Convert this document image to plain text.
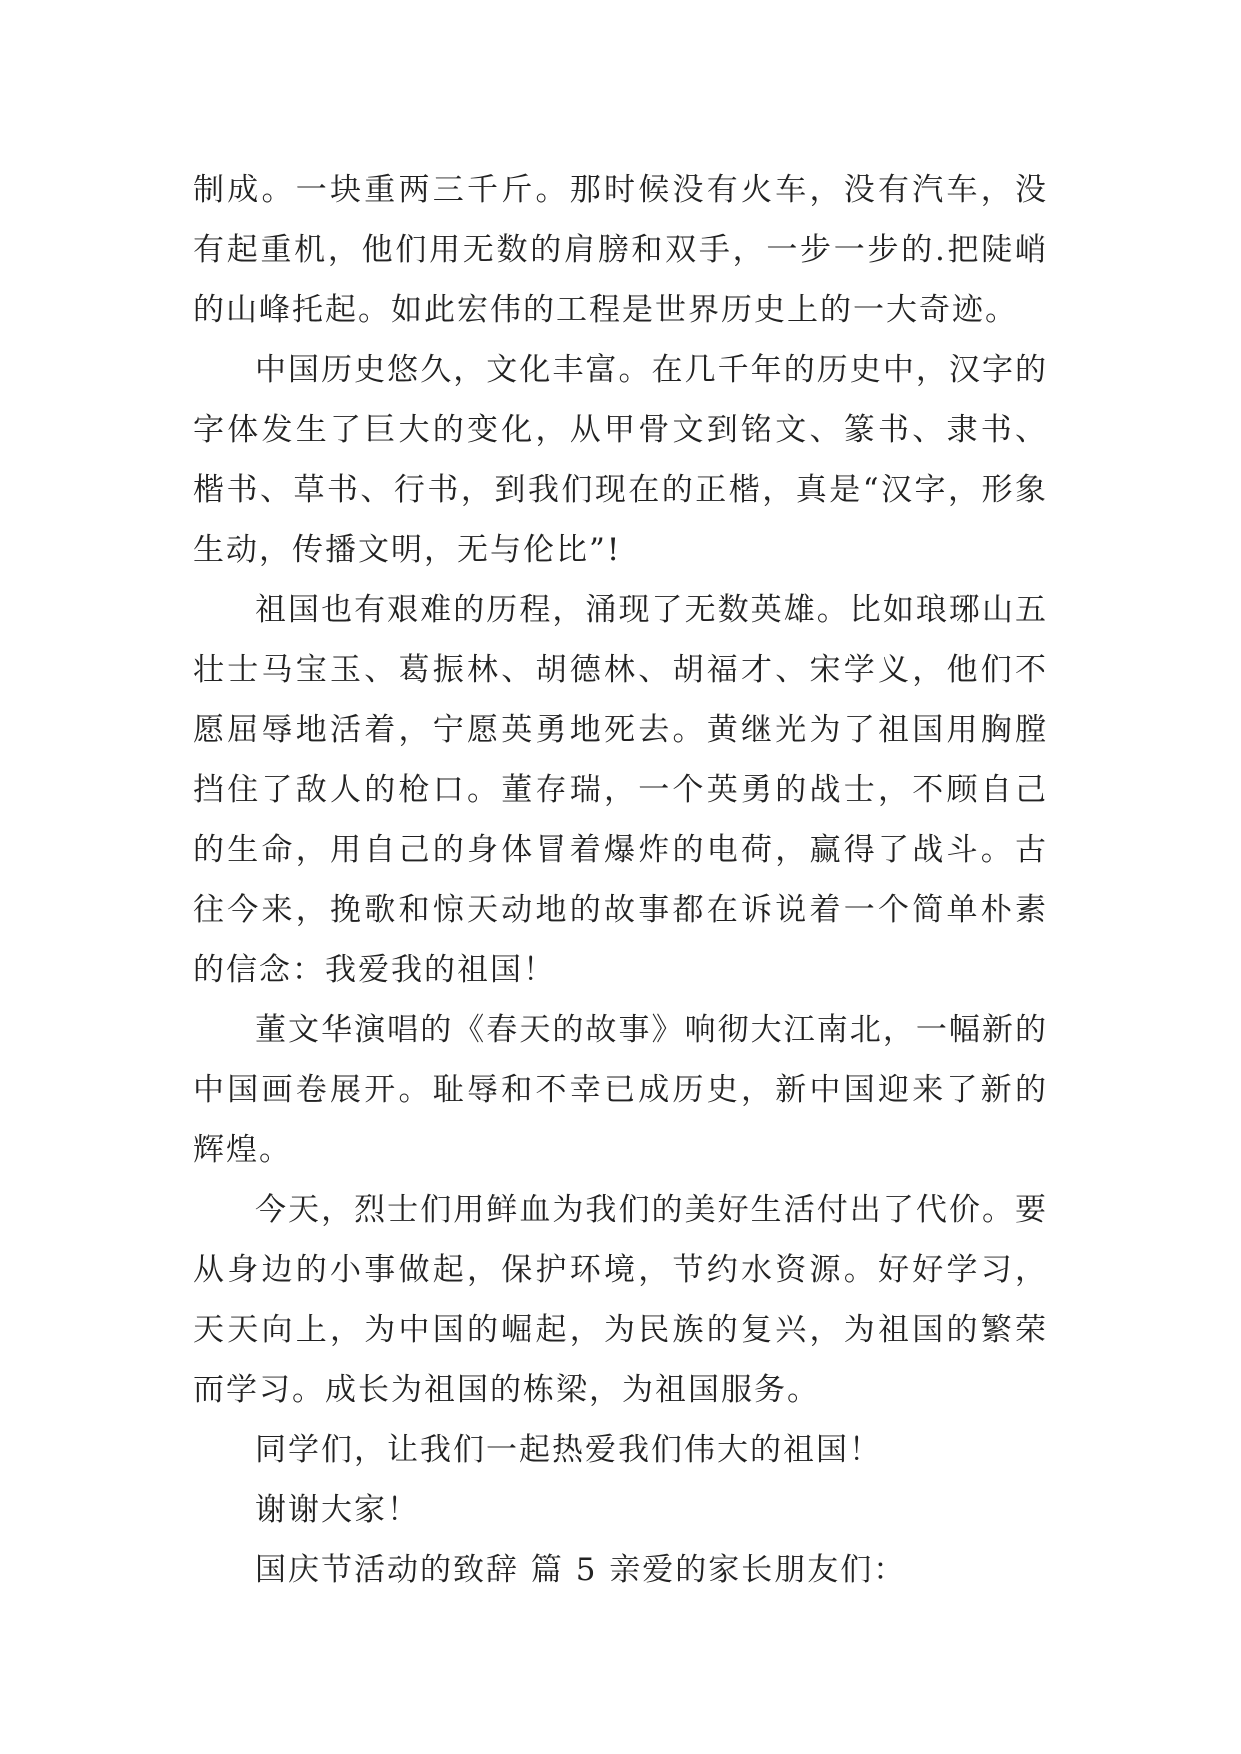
制成。一块重两三千斤。那时候没有火车，没有汽车，没有起重机，他们用无数的肩膀和双手，一步一步的.把陡峭的山峰托起。如此宏伟的工程是世界历史上的一大奇迹。

中国历史悠久，文化丰富。在几千年的历史中，汉字的字体发生了巨大的变化，从甲骨文到铭文、篆书、隶书、楷书、草书、行书，到我们现在的正楷，真是“汉字，形象生动，传播文明，无与伦比”!

祖国也有艰难的历程，涌现了无数英雄。比如琅琊山五壮士马宝玉、葛振林、胡德林、胡福才、宋学义，他们不愿屈辱地活着，宁愿英勇地死去。黄继光为了祖国用胸膛挡住了敌人的枪口。董存瑞，一个英勇的战士，不顾自己的生命，用自己的身体冒着爆炸的电荷，赢得了战斗。古往今来，挽歌和惊天动地的故事都在诉说着一个简单朴素的信念：我爱我的祖国！

董文华演唱的《春天的故事》响彻大江南北，一幅新的中国画卷展开。耻辱和不幸已成历史，新中国迎来了新的辉煌。

今天，烈士们用鲜血为我们的美好生活付出了代价。要从身边的小事做起，保护环境，节约水资源。好好学习，天天向上，为中国的崛起，为民族的复兴，为祖国的繁荣而学习。成长为祖国的栋梁，为祖国服务。

同学们，让我们一起热爱我们伟大的祖国！

谢谢大家！

国庆节活动的致辞 篇 5 亲爱的家长朋友们：
